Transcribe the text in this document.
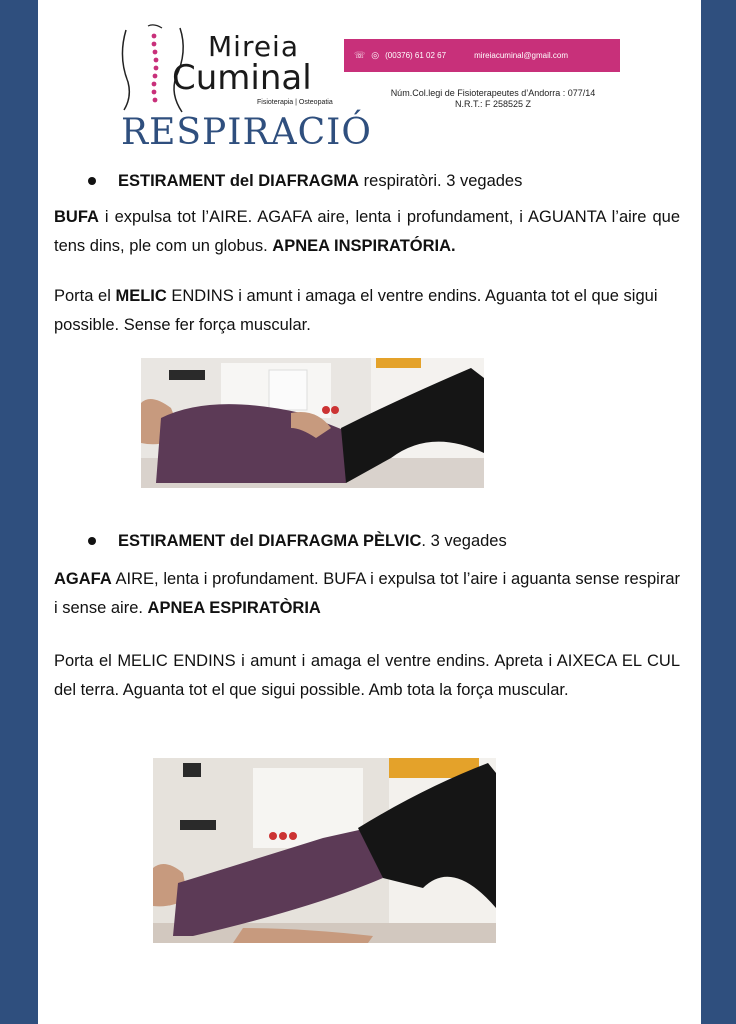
Mireia
Cuminal
Fisioterapia | Osteopatia
RESPIRACIÓ
☏ ◎ (00376) 61 02 67	mireiacuminal@gmail.com
Núm.Col.legi de Fisioterapeutes d’Andorra : 077/14
N.R.T.: F 258525 Z
ESTIRAMENT del DIAFRAGMA respiratòri. 3 vegades

BUFA i expulsa tot l’AIRE. AGAFA aire, lenta i profundament, i AGUANTA l’aire que tens dins, ple com un globus. APNEA INSPIRATÓRIA.

Porta el MELIC ENDINS i amunt i amaga el ventre endins. Aguanta tot el que sigui possible. Sense fer força muscular.

ESTIRAMENT del DIAFRAGMA PÈLVIC. 3 vegades

AGAFA AIRE, lenta i profundament. BUFA i expulsa tot l’aire i aguanta sense respirar i sense aire. APNEA ESPIRATÒRIA

Porta el MELIC ENDINS i amunt i amaga el ventre endins. Apreta i AIXECA EL CUL del terra. Aguanta tot el que sigui possible. Amb tota la força muscular.
